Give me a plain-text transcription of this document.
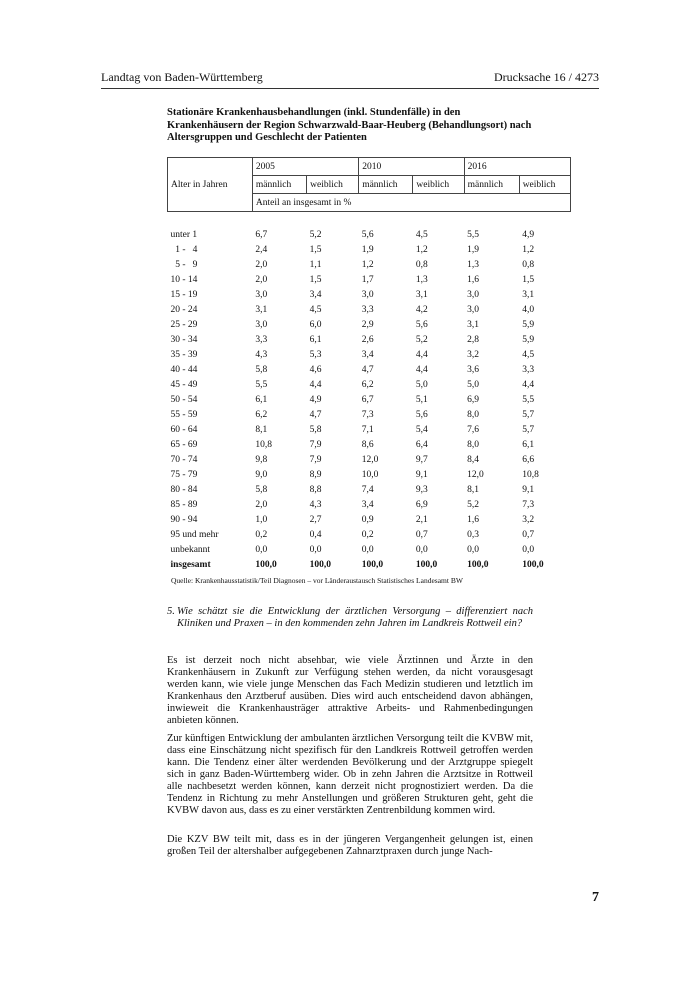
Landtag von Baden-Württemberg	Drucksache 16 / 4273
Stationäre Krankenhausbehandlungen (inkl. Stundenfälle) in den Krankenhäusern der Region Schwarzwald-Baar-Heuberg (Behandlungsort) nach Altersgruppen und Geschlecht der Patienten
	2005		2010		2016	
Alter in Jahren	männlich	weiblich	männlich	weiblich	männlich	weiblich
	Anteil an insgesamt in %					

unter 1	6,7	5,2	5,6	4,5	5,5	4,9
1 -   4	2,4	1,5	1,9	1,2	1,9	1,2
5 -   9	2,0	1,1	1,2	0,8	1,3	0,8
10 - 14	2,0	1,5	1,7	1,3	1,6	1,5
15 - 19	3,0	3,4	3,0	3,1	3,0	3,1
20 - 24	3,1	4,5	3,3	4,2	3,0	4,0
25 - 29	3,0	6,0	2,9	5,6	3,1	5,9
30 - 34	3,3	6,1	2,6	5,2	2,8	5,9
35 - 39	4,3	5,3	3,4	4,4	3,2	4,5
40 - 44	5,8	4,6	4,7	4,4	3,6	3,3
45 - 49	5,5	4,4	6,2	5,0	5,0	4,4
50 - 54	6,1	4,9	6,7	5,1	6,9	5,5
55 - 59	6,2	4,7	7,3	5,6	8,0	5,7
60 - 64	8,1	5,8	7,1	5,4	7,6	5,7
65 - 69	10,8	7,9	8,6	6,4	8,0	6,1
70 - 74	9,8	7,9	12,0	9,7	8,4	6,6
75 - 79	9,0	8,9	10,0	9,1	12,0	10,8
80 - 84	5,8	8,8	7,4	9,3	8,1	9,1
85 - 89	2,0	4,3	3,4	6,9	5,2	7,3
90 - 94	1,0	2,7	0,9	2,1	1,6	3,2
95 und mehr	0,2	0,4	0,2	0,7	0,3	0,7
unbekannt	0,0	0,0	0,0	0,0	0,0	0,0
insgesamt	100,0	100,0	100,0	100,0	100,0	100,0
Quelle: Krankenhausstatistik/Teil Diagnosen – vor Länderaustausch Statistisches Landesamt BW
5. Wie schätzt sie die Entwicklung der ärztlichen Versorgung – differenziert nach Kliniken und Praxen – in den kommenden zehn Jahren im Landkreis Rottweil ein?
Es ist derzeit noch nicht absehbar, wie viele Ärztinnen und Ärzte in den Krankenhäusern in Zukunft zur Verfügung stehen werden, da nicht vorausgesagt werden kann, wie viele junge Menschen das Fach Medizin studieren und letztlich im Krankenhaus den Arztberuf ausüben. Dies wird auch entscheidend davon abhängen, inwieweit die Krankenhausträger attraktive Arbeits- und Rahmenbedingungen anbieten können.
Zur künftigen Entwicklung der ambulanten ärztlichen Versorgung teilt die KVBW mit, dass eine Einschätzung nicht spezifisch für den Landkreis Rottweil getroffen werden kann. Die Tendenz einer älter werdenden Bevölkerung und der Arztgruppe spiegelt sich in ganz Baden-Württemberg wider. Ob in zehn Jahren die Arztsitze in Rottweil alle nachbesetzt werden können, kann derzeit nicht prognostiziert werden. Da die Tendenz in Richtung zu mehr Anstellungen und größeren Strukturen geht, geht die KVBW davon aus, dass es zu einer verstärkten Zentrenbildung kommen wird.
Die KZV BW teilt mit, dass es in der jüngeren Vergangenheit gelungen ist, einen großen Teil der altershalber aufgegebenen Zahnarztpraxen durch junge Nach-
7
